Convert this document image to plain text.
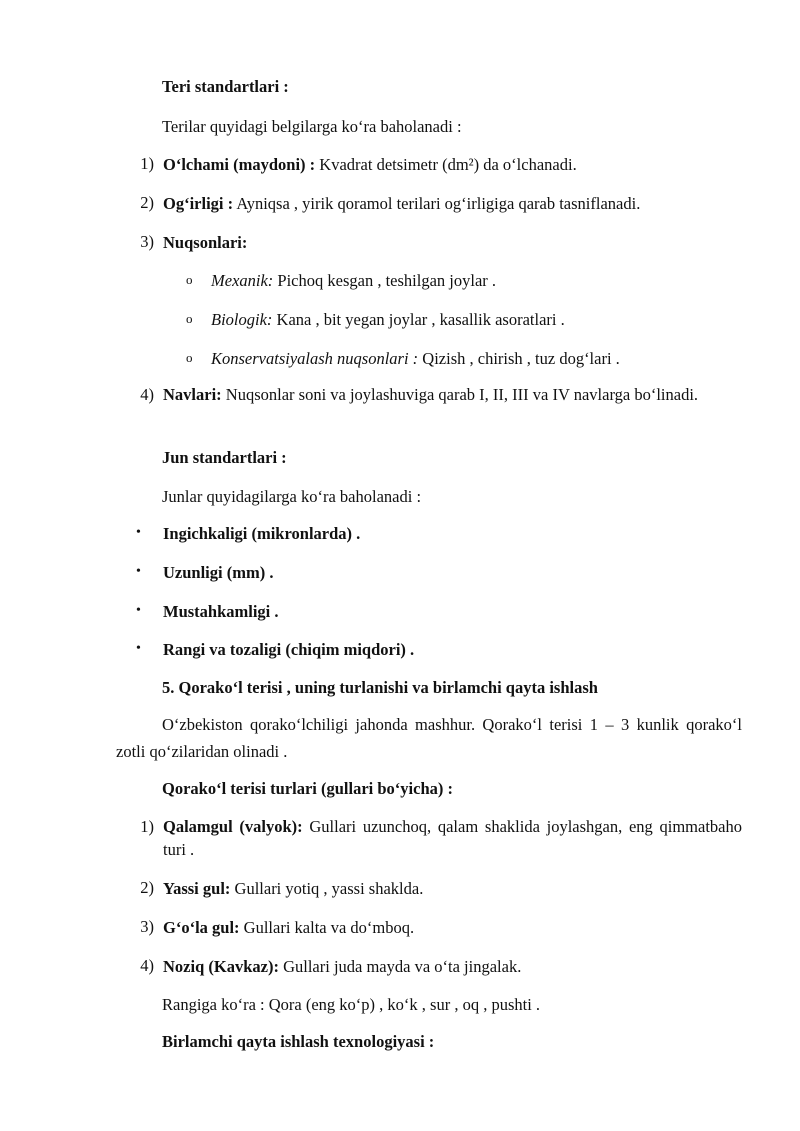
Teri standartlari :
Terilar quyidagi belgilarga ko‘ra baholanadi :
1) O‘lchami (maydoni) : Kvadrat detsimetr (dm²) da o‘lchanadi.
2) Og‘irligi : Ayniqsa , yirik qoramol terilari og‘irligiga qarab tasniflanadi.
3) Nuqsonlari:
o Mexanik: Pichoq kesgan , teshilgan joylar .
o Biologik: Kana , bit yegan joylar , kasallik asoratlari .
o Konservatsiyalash nuqsonlari : Qizish , chirish , tuz dog‘lari .
4) Navlari: Nuqsonlar soni va joylashuviga qarab I, II, III va IV navlarga bo‘linadi.
Jun standartlari :
Junlar quyidagilarga ko‘ra baholanadi :
• Ingichkaligi (mikronlarda) .
• Uzunligi (mm) .
• Mustahkamligi .
• Rangi va tozaligi (chiqim miqdori) .
5. Qorako‘l terisi , uning turlanishi va birlamchi qayta ishlash
O‘zbekiston qorako‘lchiligi jahonda mashhur. Qorako‘l terisi 1 – 3 kunlik qorako‘l zotli qo‘zilaridan olinadi .
Qorako‘l terisi turlari (gullari bo‘yicha) :
1) Qalamgul (valyok): Gullari uzunchoq, qalam shaklida joylashgan, eng qimmatbaho turi .
2) Yassi gul: Gullari yotiq , yassi shaklda.
3) G‘o‘la gul: Gullari kalta va do‘mboq.
4) Noziq (Kavkaz): Gullari juda mayda va o‘ta jingalak.
Rangiga ko‘ra : Qora (eng ko‘p) , ko‘k , sur , oq , pushti .
Birlamchi qayta ishlash texnologiyasi :
